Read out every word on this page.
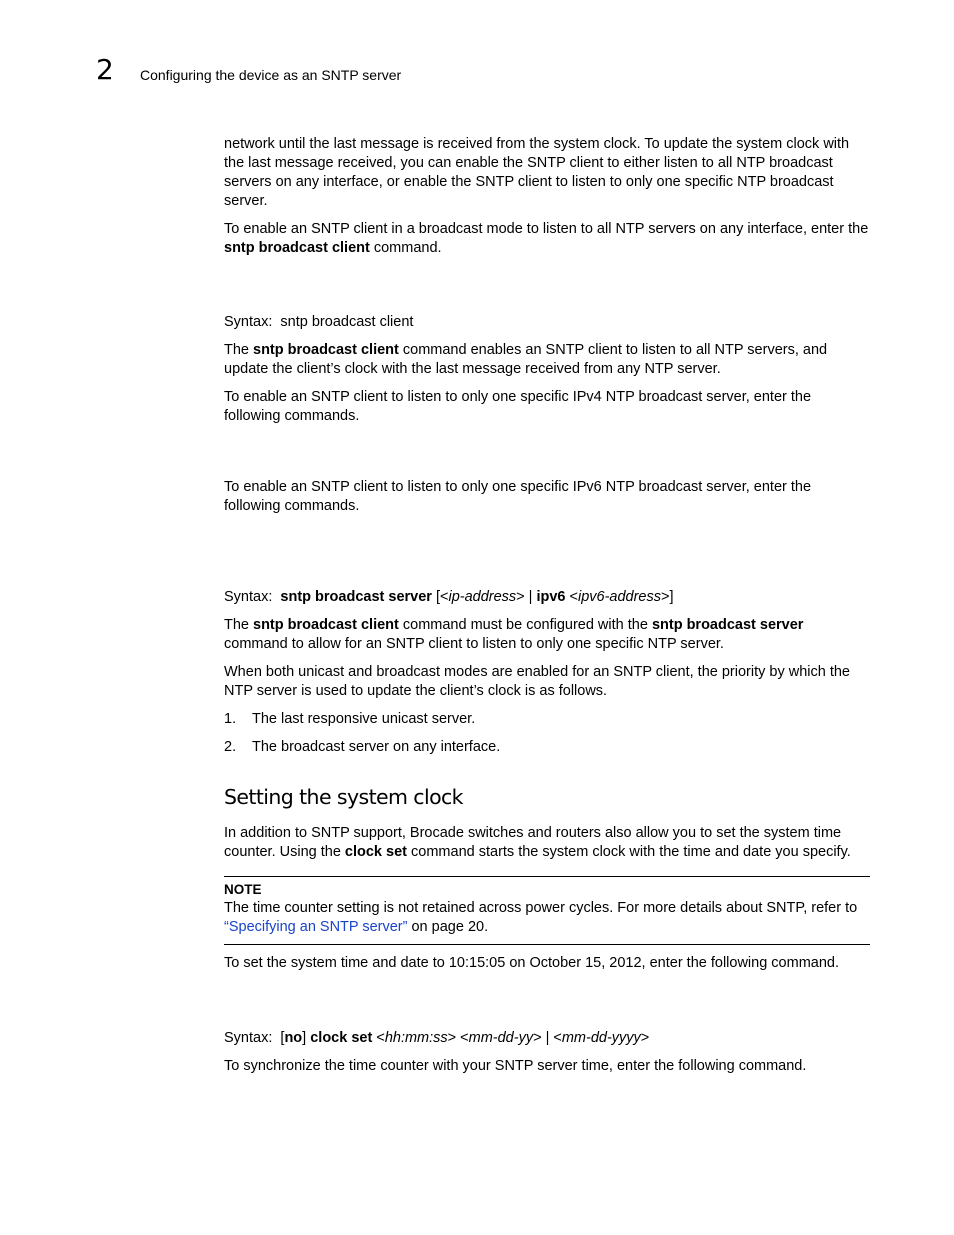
2 Configuring the device as an SNTP server

network until the last message is received from the system clock. To update the system clock with the last message received, you can enable the SNTP client to either listen to all NTP broadcast servers on any interface, or enable the SNTP client to listen to only one specific NTP broadcast server.

To enable an SNTP client in a broadcast mode to listen to all NTP servers on any interface, enter the sntp broadcast client command.

Syntax: sntp broadcast client

The sntp broadcast client command enables an SNTP client to listen to all NTP servers, and update the client’s clock with the last message received from any NTP server.

To enable an SNTP client to listen to only one specific IPv4 NTP broadcast server, enter the following commands.

To enable an SNTP client to listen to only one specific IPv6 NTP broadcast server, enter the following commands.

Syntax: sntp broadcast server [<ip-address> | ipv6 <ipv6-address>]

The sntp broadcast client command must be configured with the sntp broadcast server command to allow for an SNTP client to listen to only one specific NTP server.

When both unicast and broadcast modes are enabled for an SNTP client, the priority by which the NTP server is used to update the client’s clock is as follows.

1. The last responsive unicast server.
2. The broadcast server on any interface.
Setting the system clock

In addition to SNTP support, Brocade switches and routers also allow you to set the system time counter. Using the clock set command starts the system clock with the time and date you specify.

NOTE

The time counter setting is not retained across power cycles. For more details about SNTP, refer to “Specifying an SNTP server” on page 20.

To set the system time and date to 10:15:05 on October 15, 2012, enter the following command.

Syntax: [no] clock set <hh:mm:ss> <mm-dd-yy> | <mm-dd-yyyy>

To synchronize the time counter with your SNTP server time, enter the following command.
